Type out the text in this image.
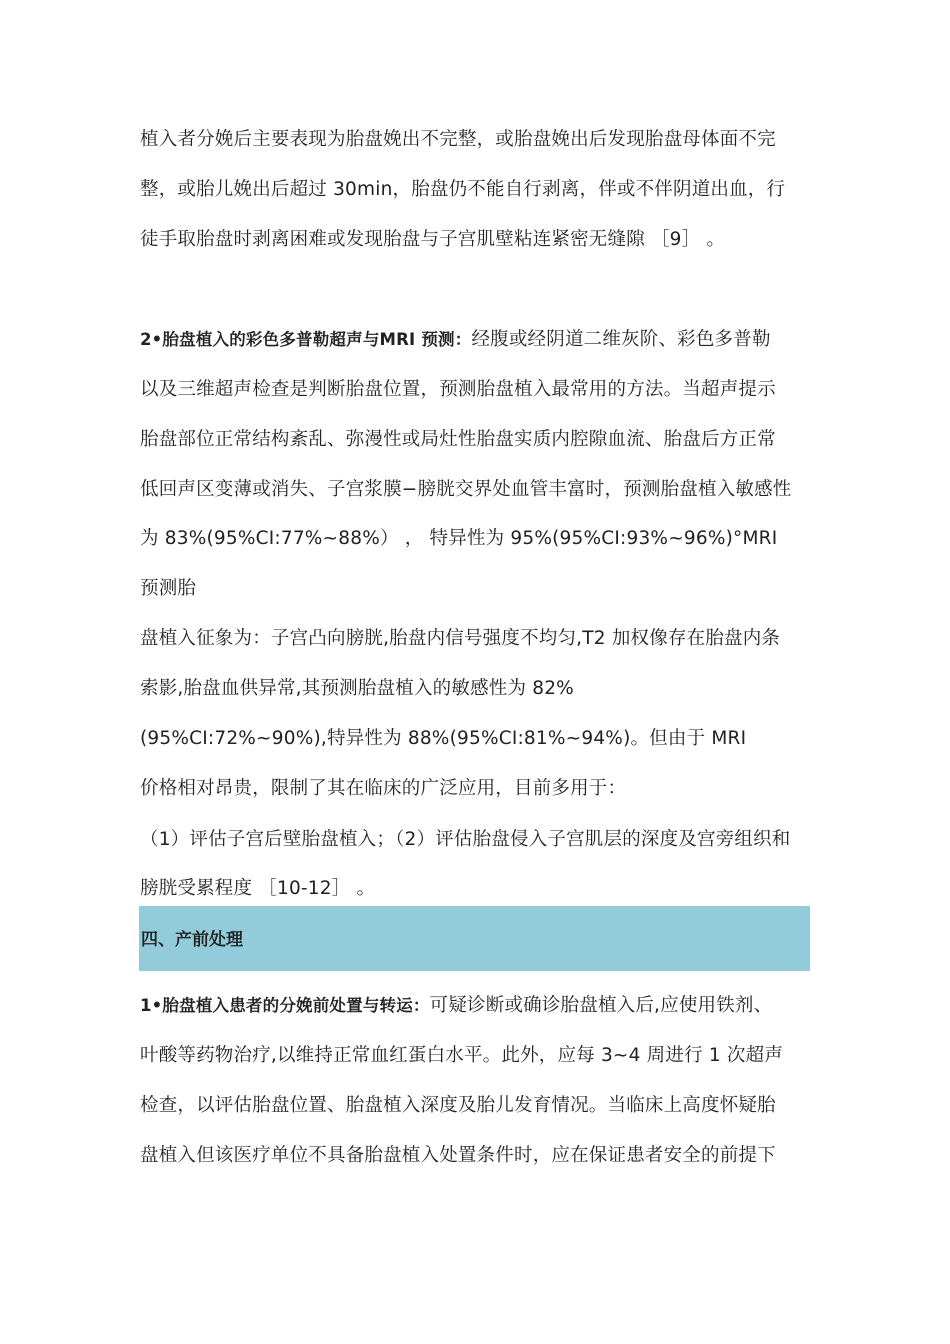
植入者分娩后主要表现为胎盘娩出不完整，或胎盘娩出后发现胎盘母体面不完
整，或胎儿娩出后超过 30min，胎盘仍不能自行剥离，伴或不伴阴道出血，行
徒手取胎盘时剥离困难或发现胎盘与子宫肌壁粘连紧密无缝隙 ［9］ 。
2•胎盘植入的彩色多普勒超声与MRI 预测：经腹或经阴道二维灰阶、彩色多普勒
以及三维超声检查是判断胎盘位置，预测胎盘植入最常用的方法。当超声提示
胎盘部位正常结构紊乱、弥漫性或局灶性胎盘实质内腔隙血流、胎盘后方正常
低回声区变薄或消失、子宫浆膜−膀胱交界处血管丰富时，预测胎盘植入敏感性
为 83%(95%CI:77%~88%） ， 特异性为 95%(95%CI:93%~96%)°MRI
预测胎
盘植入征象为：子宫凸向膀胱,胎盘内信号强度不均匀,T2 加权像存在胎盘内条
索影,胎盘血供异常,其预测胎盘植入的敏感性为 82%
(95%CI:72%~90%),特异性为 88%(95%CI:81%~94%)。但由于 MRI
价格相对昂贵，限制了其在临床的广泛应用，目前多用于：
（1）评估子宫后壁胎盘植入；（2）评估胎盘侵入子宫肌层的深度及宫旁组织和
膀胱受累程度 ［10-12］ 。
四、产前处理
1•胎盘植入患者的分娩前处置与转运：可疑诊断或确诊胎盘植入后,应使用铁剂、
叶酸等药物治疗,以维持正常血红蛋白水平。此外，应每 3~4 周进行 1 次超声
检查，以评估胎盘位置、胎盘植入深度及胎儿发育情况。当临床上高度怀疑胎
盘植入但该医疗单位不具备胎盘植入处置条件时，应在保证患者安全的前提下
